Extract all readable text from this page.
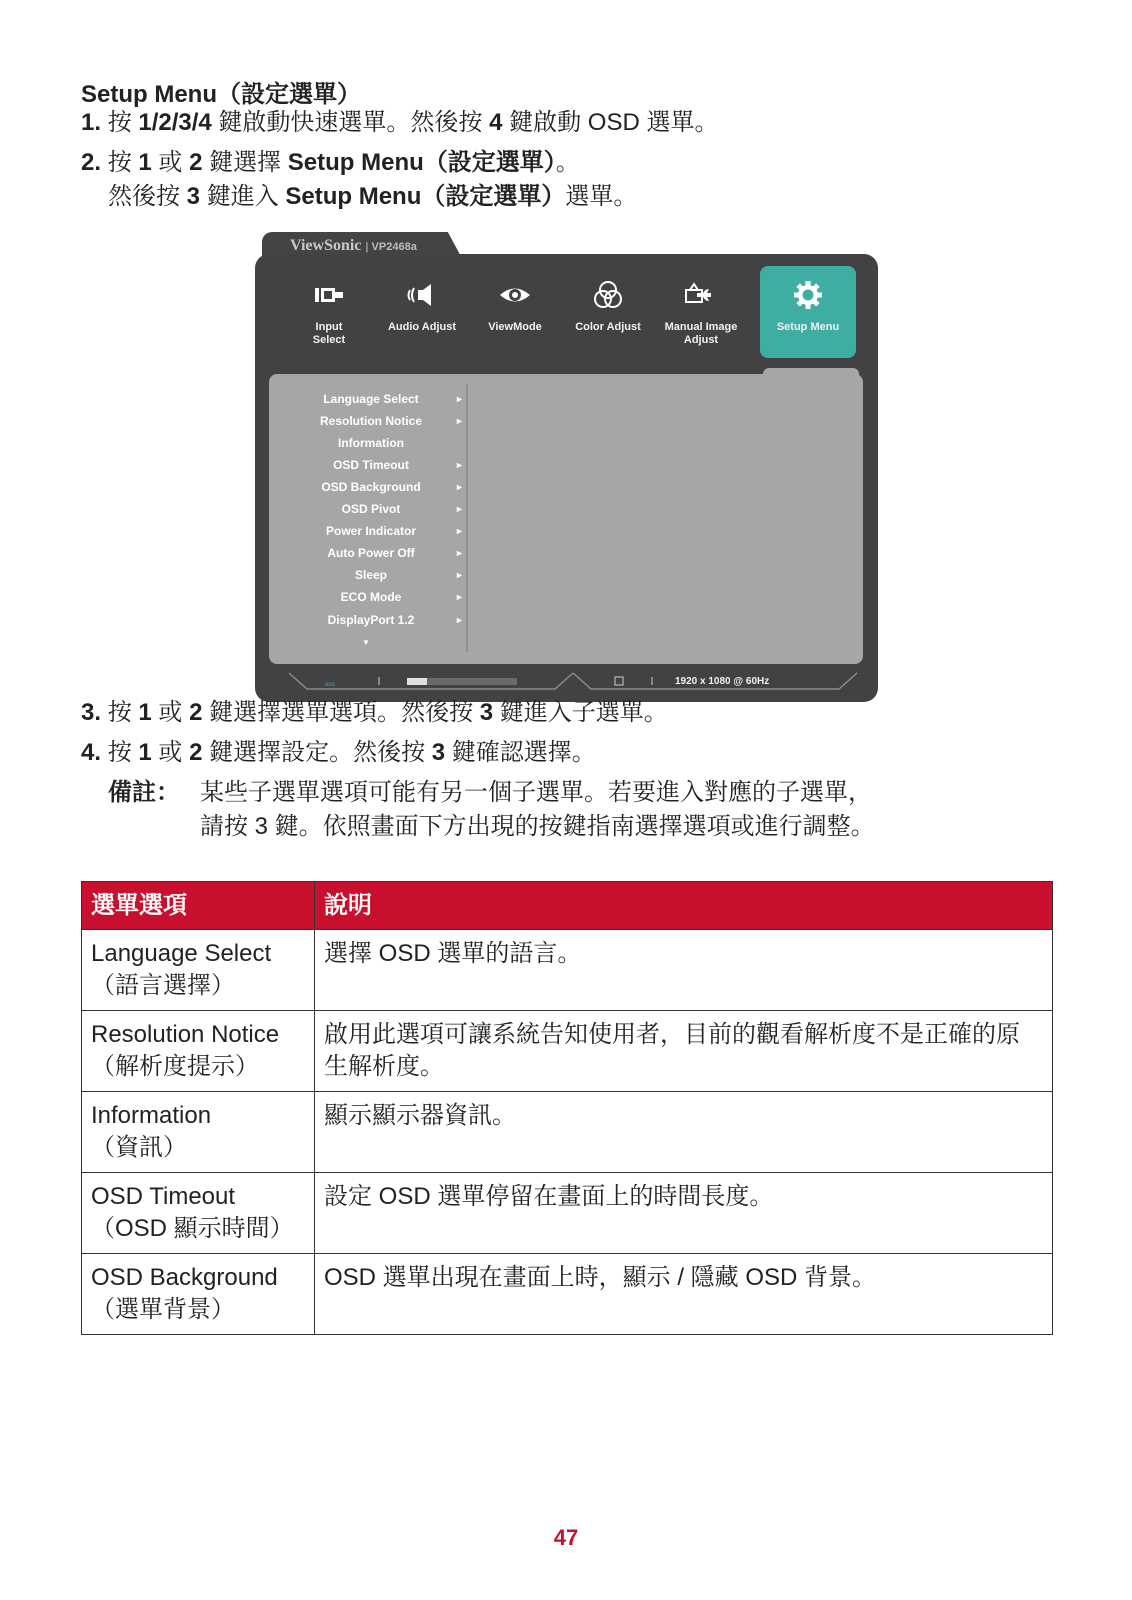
Setup Menu（設定選單）
1. 按 1/2/3/4 鍵啟動快速選單。然後按 4 鍵啟動 OSD 選單。
2. 按 1 或 2 鍵選擇 Setup Menu（設定選單）。
然後按 3 鍵進入 Setup Menu（設定選單）選單。
ViewSonic | VP2468a
Input
Select
Audio Adjust	ViewMode	Color Adjust	Manual Image
Adjust
Setup Menu

Language Select	►
Resolution Notice	►
Information
OSD Timeout	►
OSD Background	►
OSD Pivot	►
Power Indicator	►
Auto Power Off	►
Sleep	►
ECO Mode	►
DisplayPort 1.2	►
▼
eco	1920 x 1080 @ 60Hz
3. 按 1 或 2 鍵選擇選單選項。然後按 3 鍵進入子選單。
4. 按 1 或 2 鍵選擇設定。然後按 3 鍵確認選擇。
備註： 某些子選單選項可能有另一個子選單。若要進入對應的子選單，
請按 3 鍵。依照畫面下方出現的按鍵指南選擇選項或進行調整。
選單選項	說明
Language Select
（語言選擇）	選擇 OSD 選單的語言。
Resolution Notice
（解析度提示）	啟用此選項可讓系統告知使用者，目前的觀看解析度不是正確的原生解析度。
Information
（資訊）	顯示顯示器資訊。
OSD Timeout
（OSD 顯示時間）	設定 OSD 選單停留在畫面上的時間長度。
OSD Background
（選單背景）	OSD 選單出現在畫面上時，顯示 / 隱藏 OSD 背景。
47
